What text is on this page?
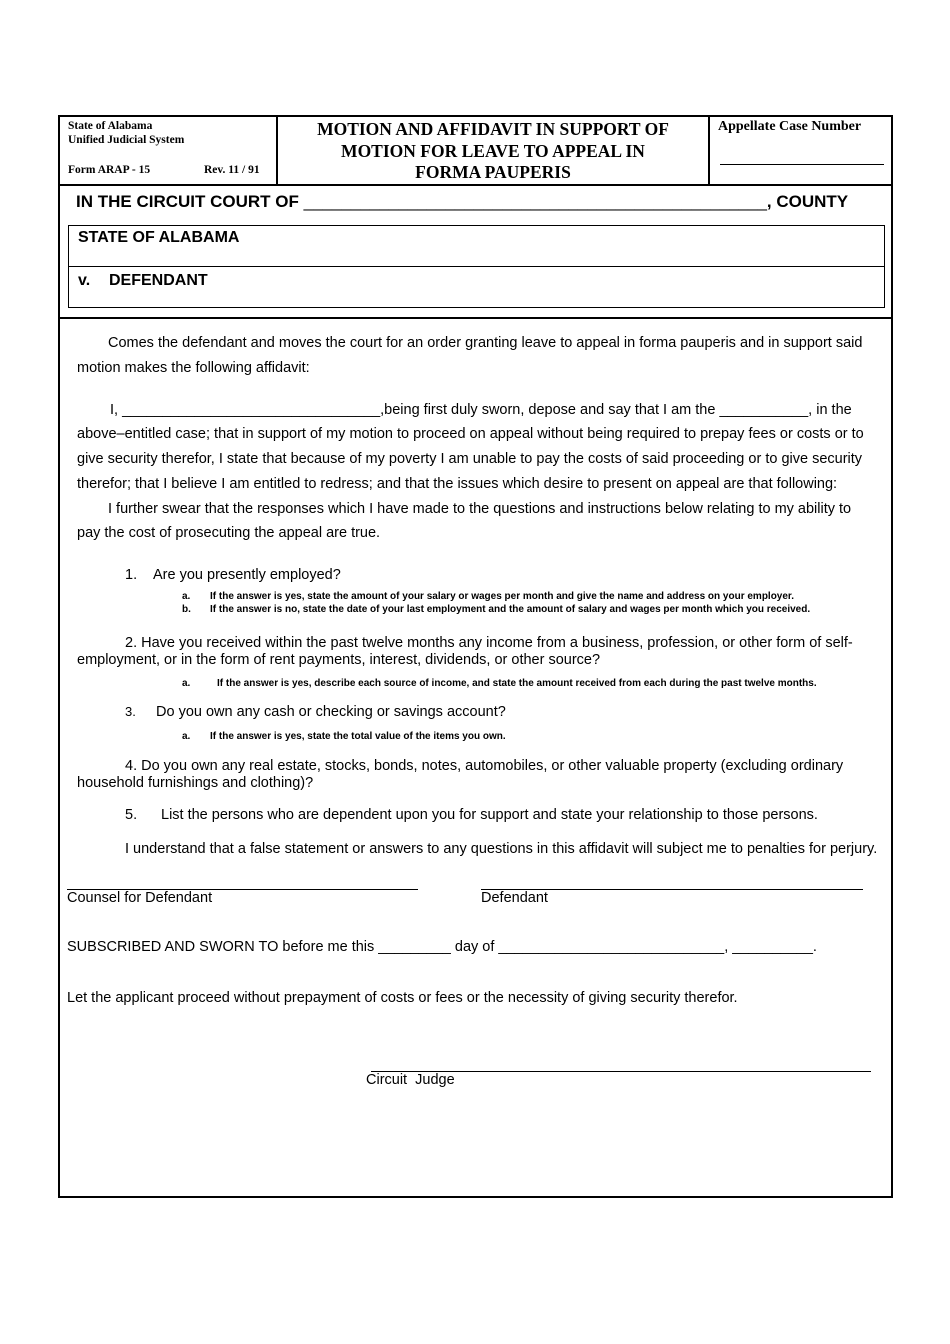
State of Alabama
Unified Judicial System
Form ARAP - 15	Rev. 11 / 91
MOTION AND AFFIDAVIT IN SUPPORT OF
MOTION FOR LEAVE TO APPEAL IN
FORMA PAUPERIS
Appellate Case Number
IN THE CIRCUIT COURT OF _________________________________________________, COUNTY
STATE OF ALABAMA
v. DEFENDANT
Comes the defendant and moves the court for an order granting leave to appeal in forma pauperis and in support said
motion makes the following affidavit:
I, ________________________________,being first duly sworn, depose and say that I am the ___________, in the
above–entitled case; that in support of my motion to proceed on appeal without being required to prepay fees or costs or to
give security therefor, I state that because of my poverty I am unable to pay the costs of said proceeding or to give security
therefor; that I believe I am entitled to redress; and that the issues which desire to present on appeal are that following:
I further swear that the responses which I have made to the questions and instructions below relating to my ability to
pay the cost of prosecuting the appeal are true.
1. Are you presently employed?
a. If the answer is yes, state the amount of your salary or wages per month and give the name and address on your employer.
b. If the answer is no, state the date of your last employment and the amount of salary and wages per month which you received.
2. Have you received within the past twelve months any income from a business, profession, or other form of self-
employment, or in the form of rent payments, interest, dividends, or other source?
a.	If the answer is yes, describe each source of income, and state the amount received from each during the past twelve months.
3. Do you own any cash or checking or savings account?
a. If the answer is yes, state the total value of the items you own.
4. Do you own any real estate, stocks, bonds, notes, automobiles, or other valuable property (excluding ordinary
household furnishings and clothing)?
5. List the persons who are dependent upon you for support and state your relationship to those persons.
I understand that a false statement or answers to any questions in this affidavit will subject me to penalties for perjury.
Counsel for Defendant	Defendant
SUBSCRIBED AND SWORN TO before me this _________ day of ____________________________, __________.
Let the applicant proceed without prepayment of costs or fees or the necessity of giving security therefor.
Circuit  Judge
